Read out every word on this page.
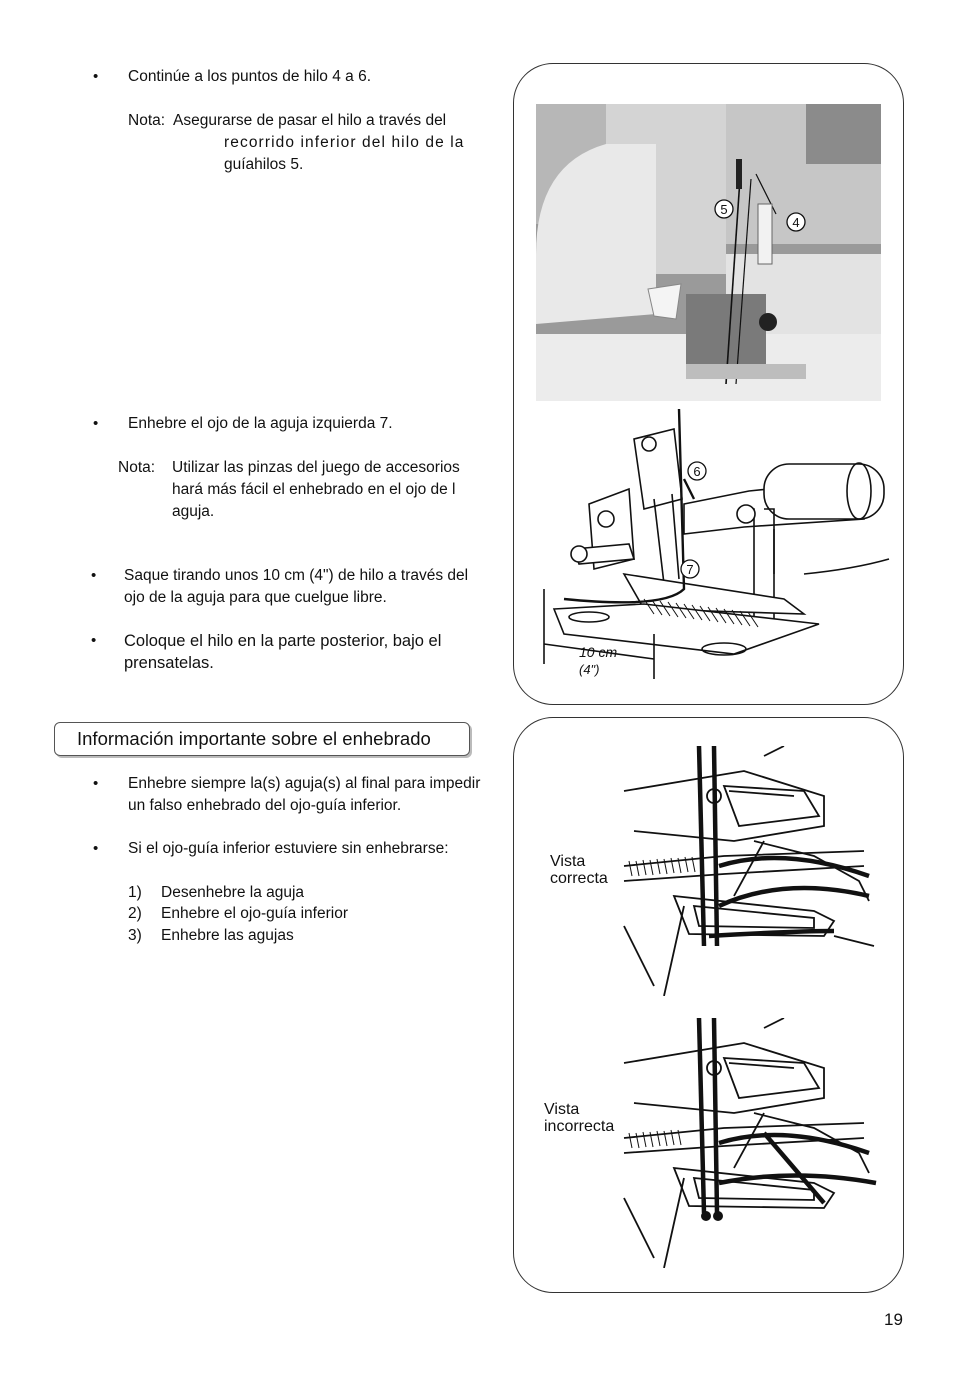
• Continúe a los puntos de hilo 4 a 6.
Nota: Asegurarse de pasar el hilo a través del
recorrido inferior del hilo de la
guíahilos 5.
• Enhebre el ojo de la aguja izquierda 7.
Nota: Utilizar las pinzas del juego de accesorios
hará más fácil el enhebrado en el ojo de l
aguja.
• Saque tirando unos 10 cm (4") de hilo a través del
ojo de la aguja para que cuelgue libre.
• Coloque el hilo en la parte posterior, bajo el
prensatelas.
Información importante sobre el enhebrado
• Enhebre siempre la(s) aguja(s) al final para impedir
un falso enhebrado del ojo-guía inferior.
• Si el ojo-guía inferior estuviere sin enhebrarse:
1) Desenhebre la aguja
2) Enhebre el ojo-guía inferior
3) Enhebre las agujas
5
4
6
7
10 cm
(4")
Vista
correcta
Vista
incorrecta
19
